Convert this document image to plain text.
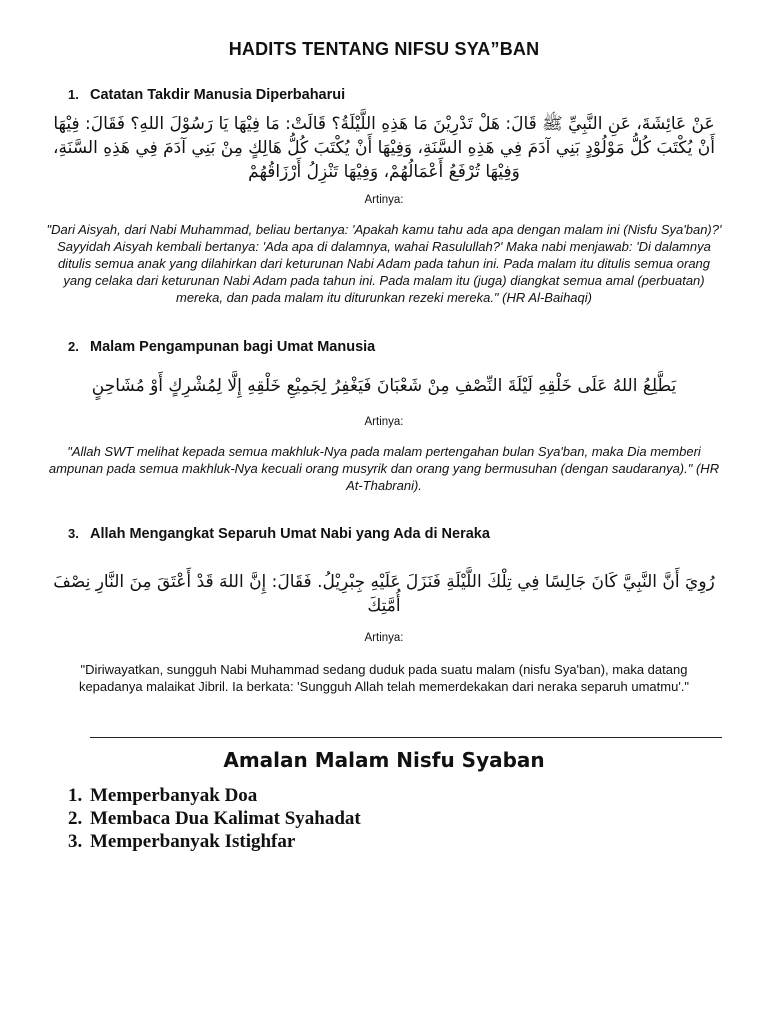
HADITS TENTANG NIFSU SYA”BAN
1. Catatan Takdir Manusia Diperbaharui
عَنْ عَائِشَةَ، عَنِ النَّبِيِّ ﷺ قَالَ: هَلْ تَدْرِيْنَ مَا هَذِهِ اللَّيْلَةُ؟ قَالَتْ: مَا فِيْهَا يَا رَسُوْلَ اللهِ؟ فَقَالَ: فِيْهَا أَنْ يُكْتَبَ كُلُّ مَوْلُوْدٍ بَنِي آدَمَ فِي هَذِهِ السَّنَةِ، وَفِيْهَا أَنْ يُكْتَبَ كُلُّ هَالِكٍ مِنْ بَنِي آدَمَ فِي هَذِهِ السَّنَةِ، وَفِيْهَا تُرْفَعُ أَعْمَالُهُمْ، وَفِيْهَا تَنْزِلُ أَرْزَاقُهُمْ
Artinya:
"Dari Aisyah, dari Nabi Muhammad, beliau bertanya: 'Apakah kamu tahu ada apa dengan malam ini (Nisfu Sya'ban)?' Sayyidah Aisyah kembali bertanya: 'Ada apa di dalamnya, wahai Rasulullah?' Maka nabi menjawab: 'Di dalamnya ditulis semua anak yang dilahirkan dari keturunan Nabi Adam pada tahun ini. Pada malam itu ditulis semua orang yang celaka dari keturunan Nabi Adam pada tahun ini. Pada malam itu (juga) diangkat semua amal (perbuatan) mereka, dan pada malam itu diturunkan rezeki mereka." (HR Al-Baihaqi)
2. Malam Pengampunan bagi Umat Manusia
يَطَّلِعُ اللهُ عَلَى خَلْقِهِ لَيْلَةَ النِّصْفِ مِنْ شَعْبَانَ فَيَغْفِرُ لِجَمِيْعِ خَلْقِهِ إِلَّا لِمُشْرِكٍ أَوْ مُشَاحِنٍ
Artinya:
"Allah SWT melihat kepada semua makhluk-Nya pada malam pertengahan bulan Sya'ban, maka Dia memberi ampunan pada semua makhluk-Nya kecuali orang musyrik dan orang yang bermusuhan (dengan saudaranya)." (HR At-Thabrani).
3. Allah Mengangkat Separuh Umat Nabi yang Ada di Neraka
رُوِيَ أَنَّ النَّبِيَّ كَانَ جَالِسًا فِي تِلْكَ اللَّيْلَةِ فَنَزَلَ عَلَيْهِ جِبْرِيْلُ. فَقَالَ: إِنَّ اللهَ قَدْ أَعْتَقَ مِنَ النَّارِ نِصْفَ أُمَّتِكَ
Artinya:
"Diriwayatkan, sungguh Nabi Muhammad sedang duduk pada suatu malam (nisfu Sya'ban), maka datang kepadanya malaikat Jibril. Ia berkata: 'Sungguh Allah telah memerdekakan dari neraka separuh umatmu'."
Amalan Malam Nisfu Syaban
1. Memperbanyak Doa
2. Membaca Dua Kalimat Syahadat
3. Memperbanyak Istighfar
